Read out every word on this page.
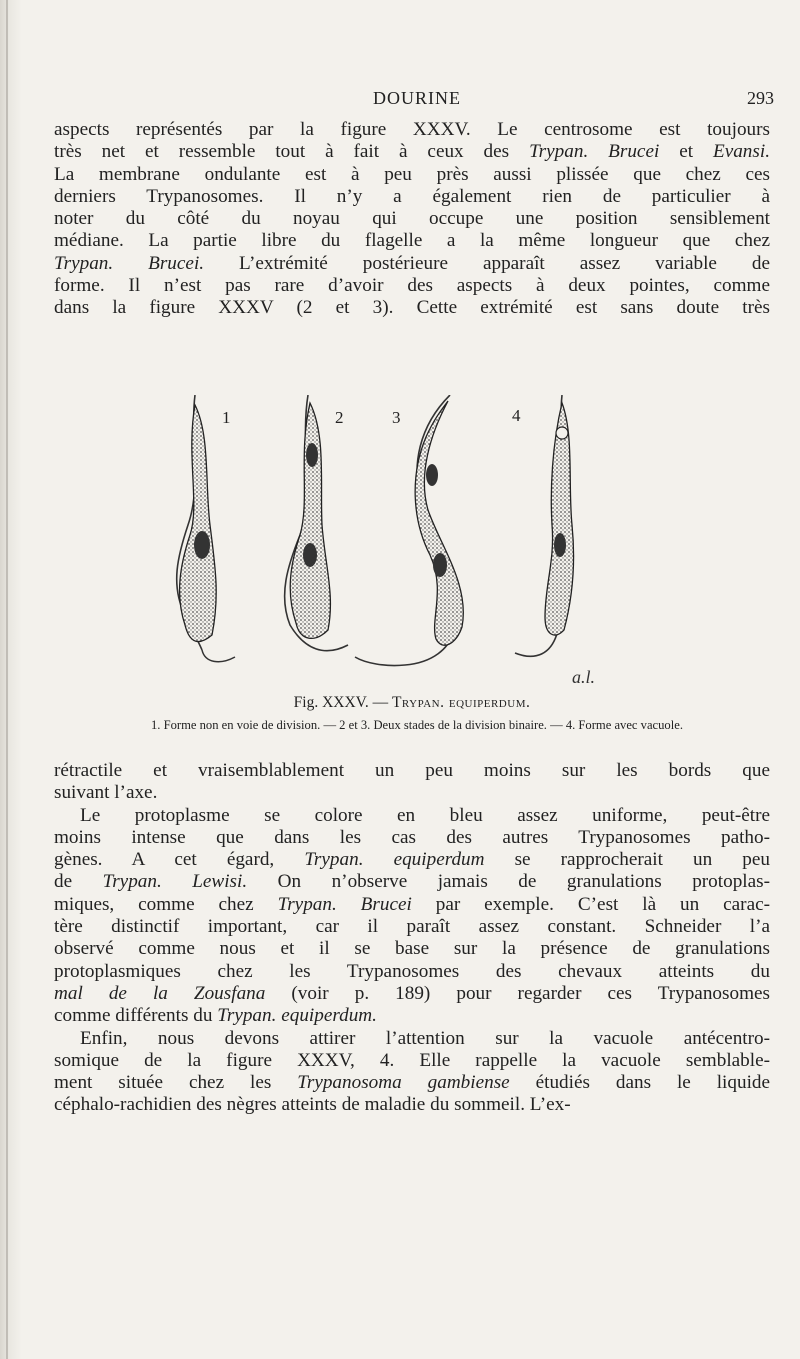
DOURINE	293
aspects représentés par la figure XXXV. Le centrosome est toujours
très net et ressemble tout à fait à ceux des Trypan. Brucei et Evansi.
La membrane ondulante est à peu près aussi plissée que chez ces
derniers Trypanosomes. Il n’y a également rien de particulier à
noter du côté du noyau qui occupe une position sensiblement
médiane. La partie libre du flagelle a la même longueur que chez
Trypan. Brucei. L’extrémité postérieure apparaît assez variable de
forme. Il n’est pas rare d’avoir des aspects à deux pointes, comme
dans la figure XXXV (2 et 3). Cette extrémité est sans doute très
1	2	3	4
a.l.
Fig. XXXV. — Trypan. equiperdum.
1. Forme non en voie de division. — 2 et 3. Deux stades de la division binaire. — 4. Forme avec vacuole.
rétractile et vraisemblablement un peu moins sur les bords que
suivant l’axe.
Le protoplasme se colore en bleu assez uniforme, peut-être
moins intense que dans les cas des autres Trypanosomes patho-
gènes. A cet égard, Trypan. equiperdum se rapprocherait un peu
de Trypan. Lewisi. On n’observe jamais de granulations protoplas-
miques, comme chez Trypan. Brucei par exemple. C’est là un carac-
tère distinctif important, car il paraît assez constant. Schneider l’a
observé comme nous et il se base sur la présence de granulations
protoplasmiques chez les Trypanosomes des chevaux atteints du
mal de la Zousfana (voir p. 189) pour regarder ces Trypanosomes
comme différents du Trypan. equiperdum.
Enfin, nous devons attirer l’attention sur la vacuole antécentro-
somique de la figure XXXV, 4. Elle rappelle la vacuole semblable-
ment située chez les Trypanosoma gambiense étudiés dans le liquide
céphalo-rachidien des nègres atteints de maladie du sommeil. L’ex-
